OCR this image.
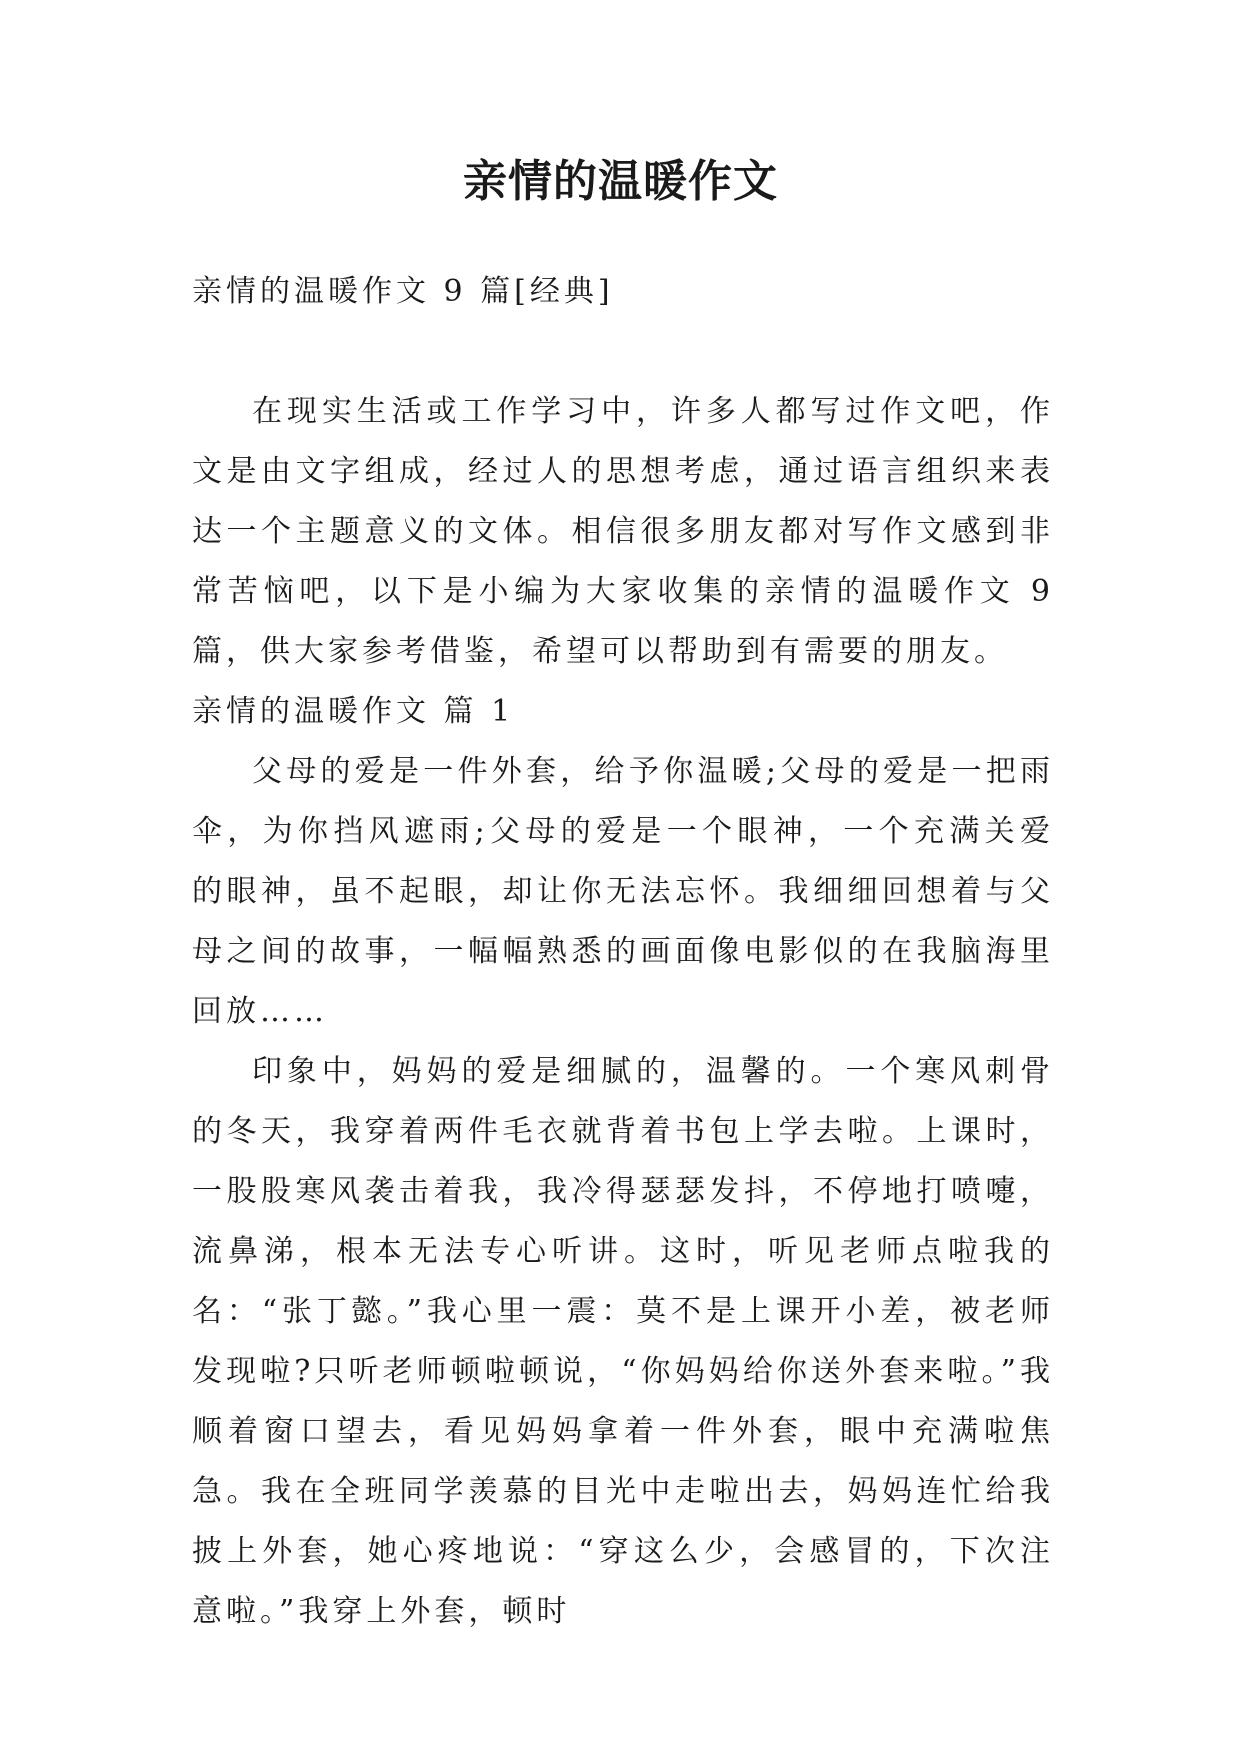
亲情的温暖作文

亲情的温暖作文 9 篇[经典]

在现实生活或工作学习中，许多人都写过作文吧，作文是由文字组成，经过人的思想考虑，通过语言组织来表达一个主题意义的文体。相信很多朋友都对写作文感到非常苦恼吧，以下是小编为大家收集的亲情的温暖作文 9 篇，供大家参考借鉴，希望可以帮助到有需要的朋友。

亲情的温暖作文 篇 1

父母的爱是一件外套，给予你温暖;父母的爱是一把雨伞，为你挡风遮雨;父母的爱是一个眼神，一个充满关爱的眼神，虽不起眼，却让你无法忘怀。我细细回想着与父母之间的故事，一幅幅熟悉的画面像电影似的在我脑海里回放……

印象中，妈妈的爱是细腻的，温馨的。一个寒风刺骨的冬天，我穿着两件毛衣就背着书包上学去啦。上课时，一股股寒风袭击着我，我冷得瑟瑟发抖，不停地打喷嚏，流鼻涕，根本无法专心听讲。这时，听见老师点啦我的名：“张丁懿。”我心里一震：莫不是上课开小差，被老师发现啦?只听老师顿啦顿说，“你妈妈给你送外套来啦。”我顺着窗口望去，看见妈妈拿着一件外套，眼中充满啦焦急。我在全班同学羡慕的目光中走啦出去，妈妈连忙给我披上外套，她心疼地说：“穿这么少，会感冒的，下次注意啦。”我穿上外套，顿时
